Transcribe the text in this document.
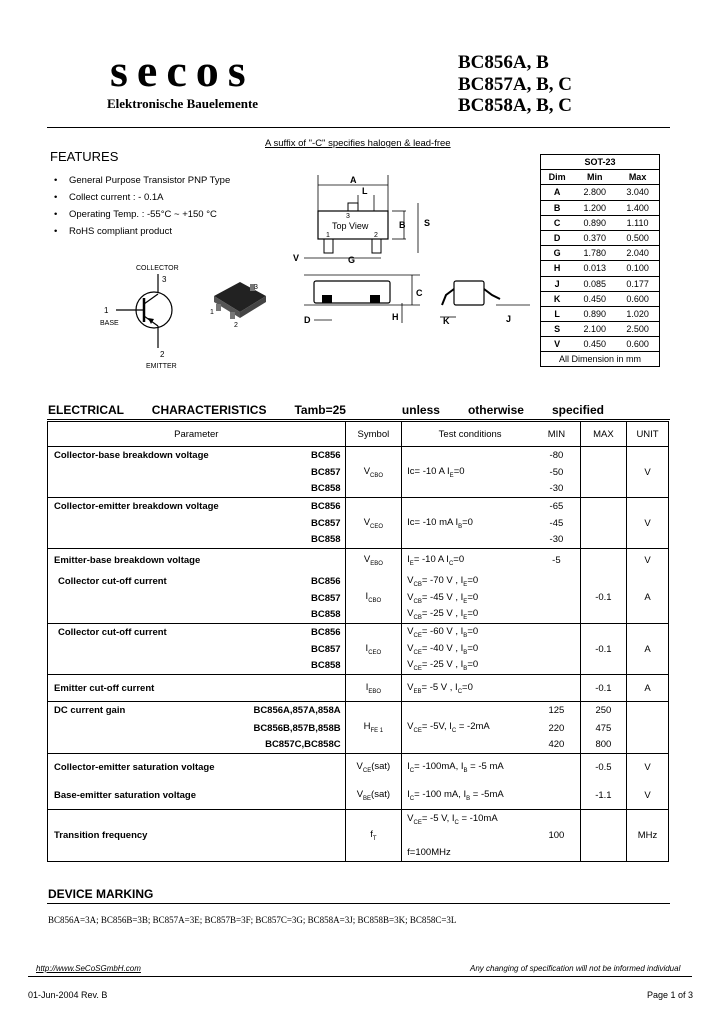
secos
Elektronische Bauelemente
BC856A, B
BC857A, B, C
BC858A, B, C
A suffix of "-C" specifies halogen & lead-free
FEATURES
• General Purpose Transistor PNP Type
• Collect current : - 0.1A
• Operating Temp. : -55°C ~ +150 °C
• RoHS compliant product
COLLECTOR
3
1
BASE
2
EMITTER
3
1
2
A
L
3
Top View
1	2
B S
V	G
C
D	H	K	J
SOT-23		
Dim	Min	Max
A	2.800	3.040
B	1.200	1.400
C	0.890	1.110
D	0.370	0.500
G	1.780	2.040
H	0.013	0.100
J	0.085	0.177
K	0.450	0.600
L	0.890	1.020
S	2.100	2.500
V	0.450	0.600
All Dimension in mm
ELECTRICAL   CHARACTERISTICS   Tamb=25      unless   otherwise   specified
Parameter		Symbol	Test conditions	MIN	MAX	UNIT
Collector-base breakdown voltage	BC856	$V_{CBO}$	Ic= -10 A $I_E=0$	-80		V
	BC857			-50		
	BC858			-30		
Collector-emitter breakdown voltage	BC856	$V_{CEO}$	Ic= -10 mA $I_B=0$	-65		V
	BC857			-45		
	BC858			-30		
Emitter-base breakdown voltage		$V_{EBO}$	$I_E= -10$ A $I_C=0$	-5		V
Collector cut-off current	BC856	$I_{CBO}$	$V_{CB}= -70$ V , $I_E=0$		-0.1	A
	BC857		$V_{CB}= -45$ V , $I_E=0$			
	BC858		$V_{CB}= -25$ V , $I_E=0$			
Collector cut-off current	BC856	$I_{CEO}$	$V_{CE}= -60$ V , $I_B=0$		-0.1	A
	BC857		$V_{CE}= -40$ V , $I_B=0$			
	BC858		$V_{CE}= -25$ V , $I_B=0$			
Emitter cut-off current		$I_{EBO}$	$V_{EB}= -5$ V , $I_C=0$		-0.1	A
DC current gain	BC856A,857A,858A	$H_{FE 1}$	$V_{CE}= -5V$, $I_C = -2mA$	125	250	
	BC856B,857B,858B			220	475	
	BC857C,BC858C			420	800	
Collector-emitter saturation voltage		$V_{CE}(sat)$	$I_C= -100mA$, $I_B = -5$ mA		-0.5	V
Base-emitter saturation voltage		$V_{BE}(sat)$	$I_C= -100$ mA, $I_B = -5mA$		-1.1	V
Transition frequency		$f_T$	$V_{CE}= -5$ V, $I_C = -10mA$	100		MHz

			f=100MHz			
DEVICE MARKING
BC856A=3A; BC856B=3B; BC857A=3E; BC857B=3F; BC857C=3G; BC858A=3J; BC858B=3K; BC858C=3L
http://www.SeCoSGmbH.com	Any changing of specification will not be informed individual
01-Jun-2004 Rev. B	Page 1 of 3
